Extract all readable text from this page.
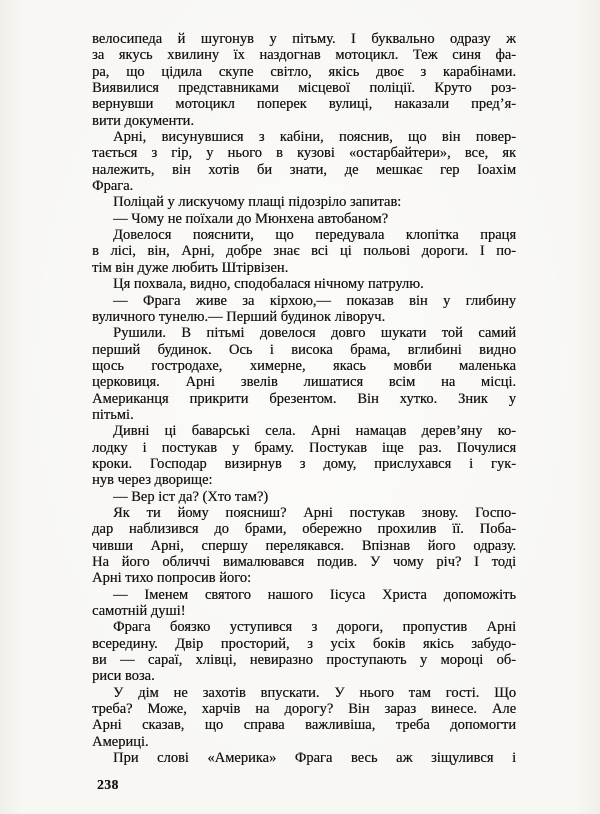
велосипеда й шугонув у пітьму. І буквально одразу ж
за якусь хвилину їх наздогнав мотоцикл. Теж синя фа-
ра, що цідила скупе світло, якісь двоє з карабінами.
Виявилися представниками місцевої поліції. Круто роз-
вернувши мотоцикл поперек вулиці, наказали пред’я-
вити документи.
Арні, висунувшися з кабіни, пояснив, що він повер-
тається з гір, у нього в кузові «остарбайтери», все, як
належить, він хотів би знати, де мешкає гер Іоахім
Фрага.
Поліцай у лискучому плащі підозріло запитав:
— Чому не поїхали до Мюнхена автобаном?
Довелося пояснити, що передувала клопітка праця
в лісі, він, Арні, добре знає всі ці польові дороги. І по-
тім він дуже любить Штірвізен.
Ця похвала, видно, сподобалася нічному патрулю.
— Фрага живе за кірхою,— показав він у глибину
вуличного тунелю.— Перший будинок ліворуч.
Рушили. В пітьмі довелося довго шукати той самий
перший будинок. Ось і висока брама, вглибині видно
щось гостродахе, химерне, якась мовби маленька
церковиця. Арні звелів лишатися всім на місці.
Американця прикрити брезентом. Він хутко. Зник у
пітьмі.
Дивні ці баварські села. Арні намацав дерев’яну ко-
лодку і постукав у браму. Постукав іще раз. Почулися
кроки. Господар визирнув з дому, прислухався і гук-
нув через дворище:
— Вер іст да? (Хто там?)
Як ти йому поясниш? Арні постукав знову. Госпо-
дар наблизився до брами, обережно прохилив її. Поба-
чивши Арні, спершу перелякався. Впізнав його одразу.
На його обличчі вималювався подив. У чому річ? І тоді
Арні тихо попросив його:
— Іменем святого нашого Іісуса Христа допоможіть
самотній душі!
Фрага боязко уступився з дороги, пропустив Арні
всередину. Двір просторий, з усіх боків якісь забудо-
ви — сараї, хлівці, невиразно проступають у мороці об-
риси воза.
У дім не захотів впускати. У нього там гості. Що
треба? Може, харчів на дорогу? Він зараз винесе. Але
Арні сказав, що справа важливіша, треба допомогти
Америці.
При слові «Америка» Фрага весь аж зіщулився і
238
